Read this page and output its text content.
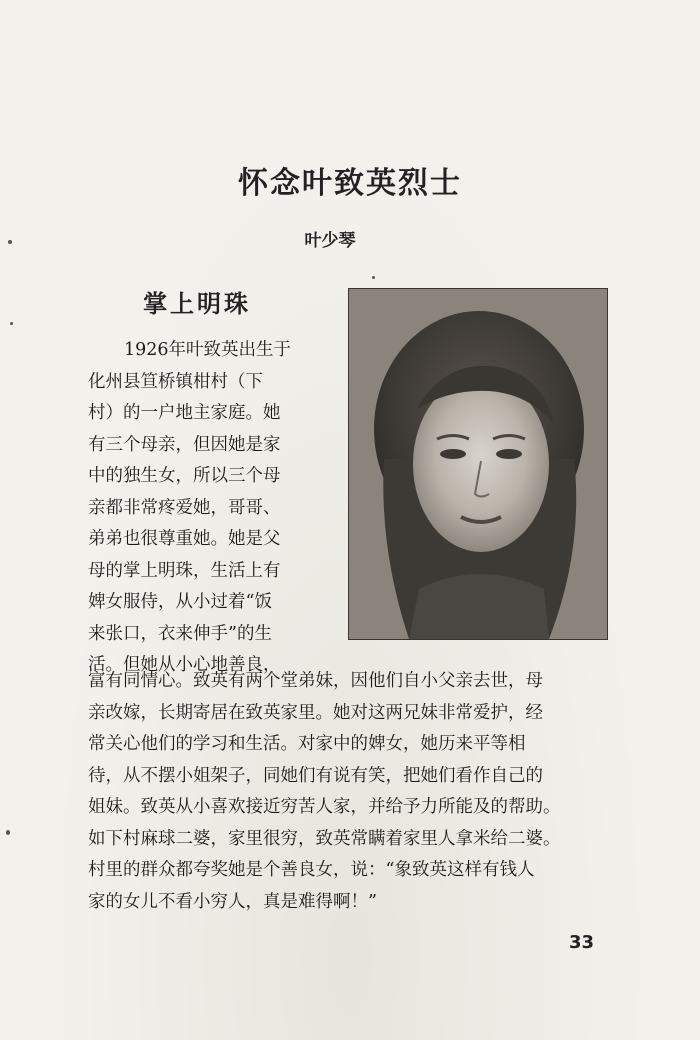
怀念叶致英烈士
叶少琴
掌上明珠
1926年叶致英出生于
化州县笪桥镇柑村（下
村）的一户地主家庭。她
有三个母亲，但因她是家
中的独生女，所以三个母
亲都非常疼爱她，哥哥、
弟弟也很尊重她。她是父
母的掌上明珠，生活上有
婢女服侍，从小过着“饭
来张口，衣来伸手”的生
活。但她从小心地善良，
富有同情心。致英有两个堂弟妹，因他们自小父亲去世，母
亲改嫁，长期寄居在致英家里。她对这两兄妹非常爱护，经
常关心他们的学习和生活。对家中的婢女，她历来平等相
待，从不摆小姐架子，同她们有说有笑，把她们看作自己的
姐妹。致英从小喜欢接近穷苦人家，并给予力所能及的帮助。
如下村麻球二婆，家里很穷，致英常瞒着家里人拿米给二婆。
村里的群众都夸奖她是个善良女，说：“象致英这样有钱人
家的女儿不看小穷人，真是难得啊！”
33
